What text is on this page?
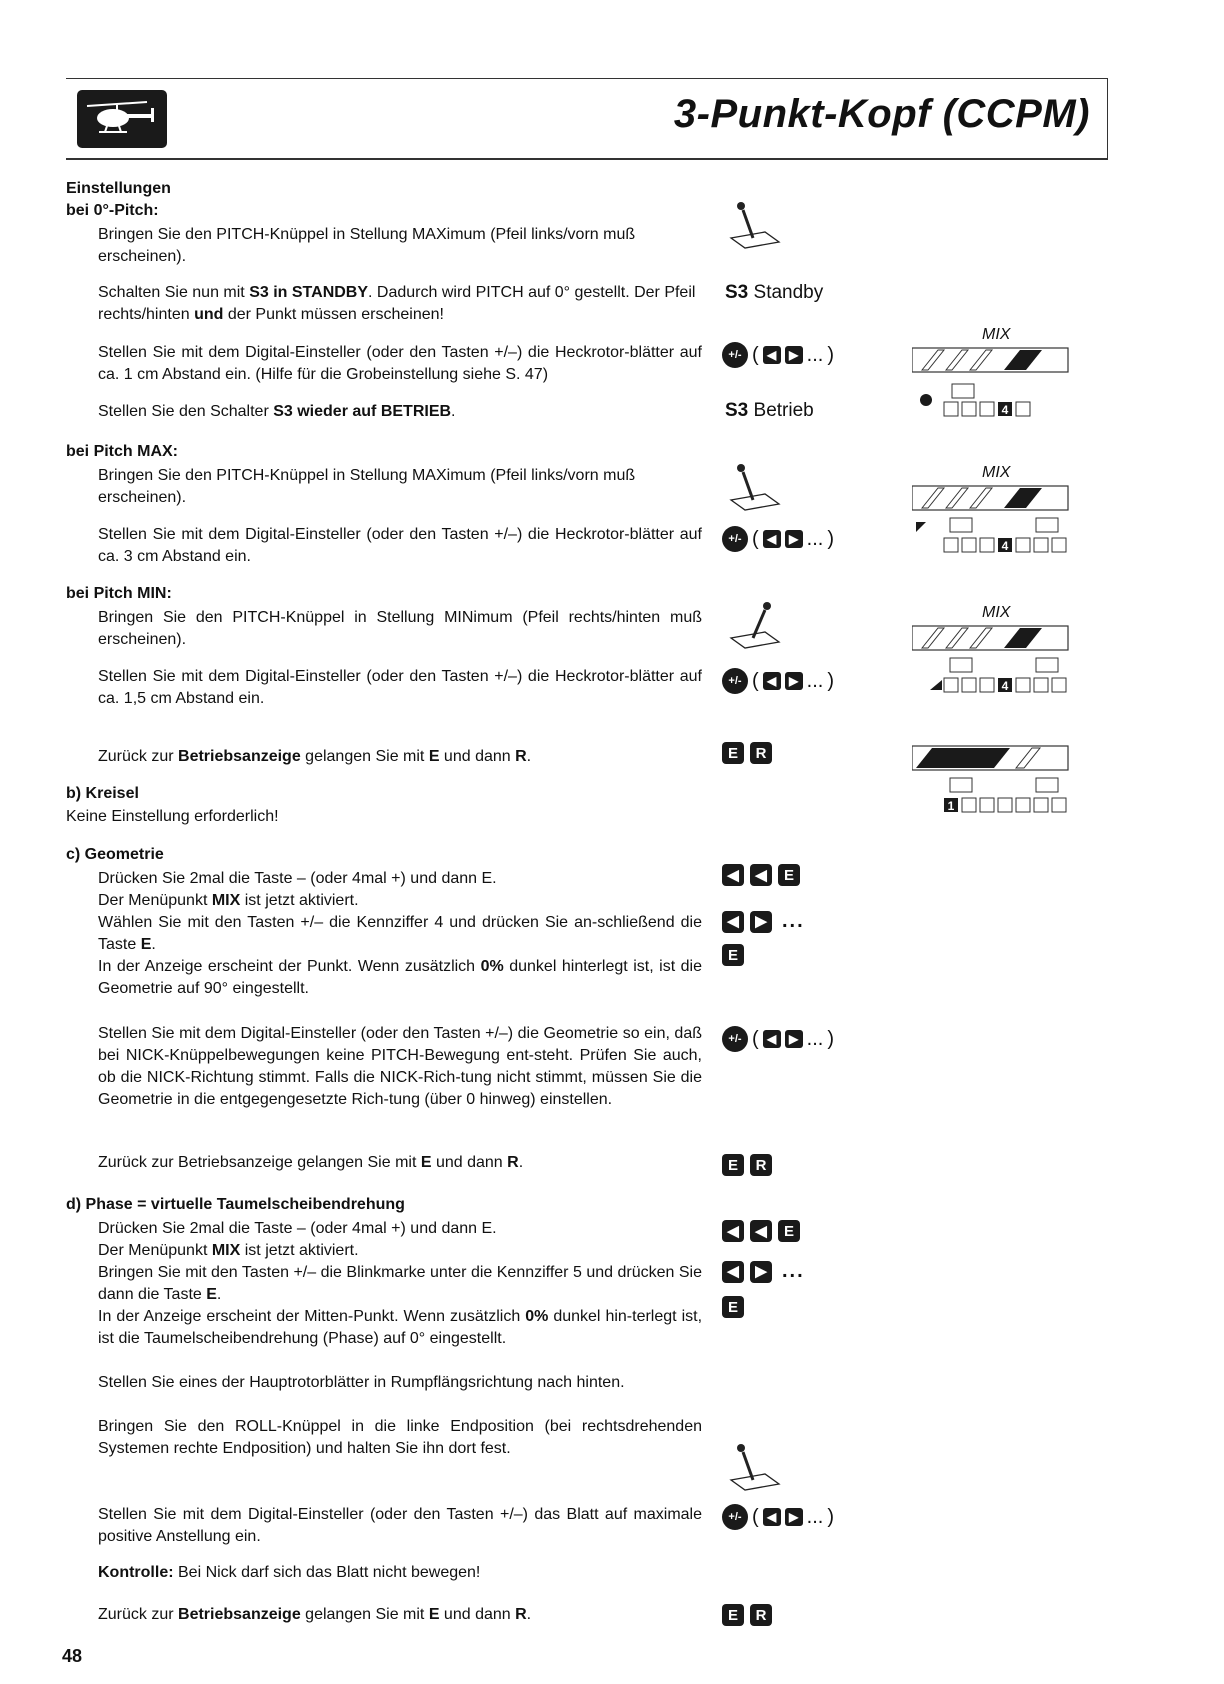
3-Punkt-Kopf (CCPM)
Einstellungen
bei 0°-Pitch:
Bringen Sie den PITCH-Knüppel in Stellung MAXimum (Pfeil links/vorn muß erscheinen).
Schalten Sie nun mit S3 in STANDBY. Dadurch wird PITCH auf 0° gestellt. Der Pfeil rechts/hinten und der Punkt müssen erscheinen!
Stellen Sie mit dem Digital-Einsteller (oder den Tasten +/–) die Heckrotor-blätter auf ca. 1 cm Abstand ein. (Hilfe für die Grobeinstellung siehe S. 47)
Stellen Sie den Schalter S3 wieder auf BETRIEB.
S3 Standby
S3 Betrieb
bei Pitch MAX:
Bringen Sie den PITCH-Knüppel in Stellung MAXimum (Pfeil links/vorn muß erscheinen).
Stellen Sie mit dem Digital-Einsteller (oder den Tasten +/–) die Heckrotor-blätter auf ca. 3 cm Abstand ein.
bei Pitch MIN:
Bringen Sie den PITCH-Knüppel in Stellung MINimum (Pfeil rechts/hinten muß erscheinen).
Stellen Sie mit dem Digital-Einsteller (oder den Tasten +/–) die Heckrotor-blätter auf ca. 1,5 cm Abstand ein.
Zurück zur Betriebsanzeige gelangen Sie mit E und dann R.
b) Kreisel
Keine Einstellung erforderlich!
c) Geometrie
Drücken Sie 2mal die Taste – (oder 4mal +) und dann E.
Der Menüpunkt MIX ist jetzt aktiviert.
Wählen Sie mit den Tasten +/– die Kennziffer 4 und drücken Sie an-schließend die Taste E.
In der Anzeige erscheint der Punkt. Wenn zusätzlich 0% dunkel hinterlegt ist, ist die Geometrie auf 90° eingestellt.
Stellen Sie mit dem Digital-Einsteller (oder den Tasten +/–) die Geometrie so ein, daß bei NICK-Knüppelbewegungen keine PITCH-Bewegung ent-steht. Prüfen Sie auch, ob die NICK-Richtung stimmt. Falls die NICK-Rich-tung nicht stimmt, müssen Sie die Geometrie in die entgegengesetzte Rich-tung (über 0 hinweg) einstellen.
Zurück zur Betriebsanzeige gelangen Sie mit E und dann R.
d) Phase = virtuelle Taumelscheibendrehung
Drücken Sie 2mal die Taste – (oder 4mal +) und dann E.
Der Menüpunkt MIX ist jetzt aktiviert.
Bringen Sie mit den Tasten +/– die Blinkmarke unter die Kennziffer 5 und drücken Sie dann die Taste E.
In der Anzeige erscheint der Mitten-Punkt. Wenn zusätzlich 0% dunkel hin-terlegt ist, ist die Taumelscheibendrehung (Phase) auf 0° eingestellt.
Stellen Sie eines der Hauptrotorblätter in Rumpflängsrichtung nach hinten.
Bringen Sie den ROLL-Knüppel in die linke Endposition (bei rechtsdrehenden Systemen rechte Endposition) und halten Sie ihn dort fest.
Stellen Sie mit dem Digital-Einsteller (oder den Tasten +/–) das Blatt auf maximale positive Anstellung ein.
Kontrolle: Bei Nick darf sich das Blatt nicht bewegen!
Zurück zur Betriebsanzeige gelangen Sie mit E und dann R.
+/- ( ◀	▶ ... )
+/- ( ◀	▶ ... )
+/- ( ◀	▶ ... )
+/- ( ◀	▶ ... )
+/- ( ◀	▶ ... )
E	R
E	R
E	R
◀	◀	E
◀	▶ ...
E
◀	◀	E
◀	▶ ...
E
MIX
4
MIX
4
MIX
4
1
48
